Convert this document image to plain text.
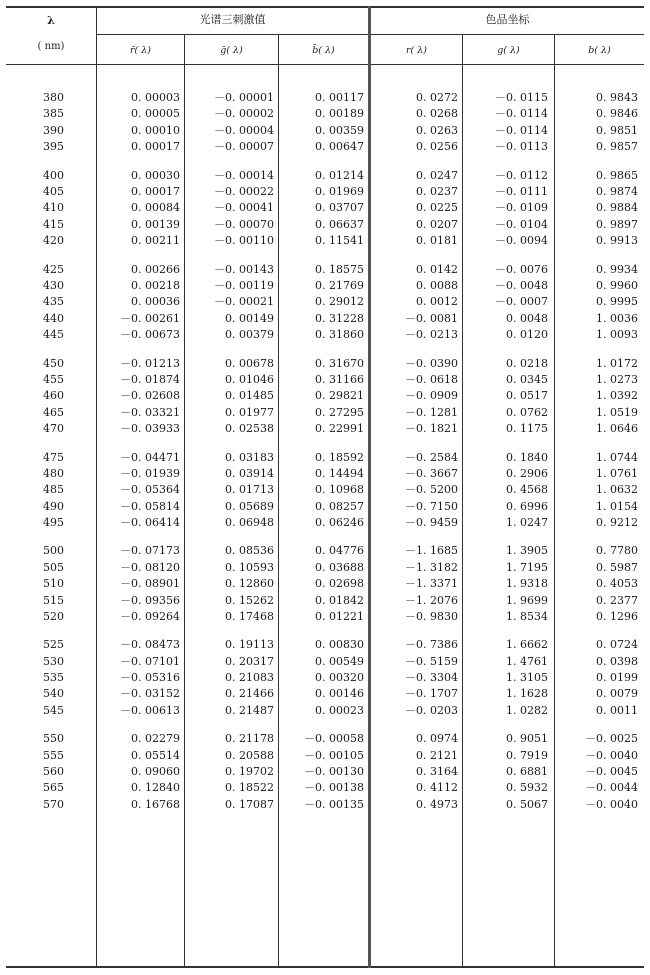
λ
( nm)
光谱三刺激值	色品坐标
r̄( λ)	ḡ( λ)	b̄( λ)	r( λ)	g( λ)	b( λ)
380	0. 00003	－0. 00001	0. 00117	0. 0272	－0. 0115	0. 9843
385	0. 00005	－0. 00002	0. 00189	0. 0268	－0. 0114	0. 9846
390	0. 00010	－0. 00004	0. 00359	0. 0263	－0. 0114	0. 9851
395	0. 00017	－0. 00007	0. 00647	0. 0256	－0. 0113	0. 9857
400	0. 00030	－0. 00014	0. 01214	0. 0247	－0. 0112	0. 9865
405	0. 00017	－0. 00022	0. 01969	0. 0237	－0. 0111	0. 9874
410	0. 00084	－0. 00041	0. 03707	0. 0225	－0. 0109	0. 9884
415	0. 00139	－0. 00070	0. 06637	0. 0207	－0. 0104	0. 9897
420	0. 00211	－0. 00110	0. 11541	0. 0181	－0. 0094	0. 9913
425	0. 00266	－0. 00143	0. 18575	0. 0142	－0. 0076	0. 9934
430	0. 00218	－0. 00119	0. 21769	0. 0088	－0. 0048	0. 9960
435	0. 00036	－0. 00021	0. 29012	0. 0012	－0. 0007	0. 9995
440	－0. 00261	0. 00149	0. 31228	－0. 0081	0. 0048	1. 0036
445	－0. 00673	0. 00379	0. 31860	－0. 0213	0. 0120	1. 0093
450	－0. 01213	0. 00678	0. 31670	－0. 0390	0. 0218	1. 0172
455	－0. 01874	0. 01046	0. 31166	－0. 0618	0. 0345	1. 0273
460	－0. 02608	0. 01485	0. 29821	－0. 0909	0. 0517	1. 0392
465	－0. 03321	0. 01977	0. 27295	－0. 1281	0. 0762	1. 0519
470	－0. 03933	0. 02538	0. 22991	－0. 1821	0. 1175	1. 0646
475	－0. 04471	0. 03183	0. 18592	－0. 2584	0. 1840	1. 0744
480	－0. 01939	0. 03914	0. 14494	－0. 3667	0. 2906	1. 0761
485	－0. 05364	0. 01713	0. 10968	－0. 5200	0. 4568	1. 0632
490	－0. 05814	0. 05689	0. 08257	－0. 7150	0. 6996	1. 0154
495	－0. 06414	0. 06948	0. 06246	－0. 9459	1. 0247	0. 9212
500	－0. 07173	0. 08536	0. 04776	－1. 1685	1. 3905	0. 7780
505	－0. 08120	0. 10593	0. 03688	－1. 3182	1. 7195	0. 5987
510	－0. 08901	0. 12860	0. 02698	－1. 3371	1. 9318	0. 4053
515	－0. 09356	0. 15262	0. 01842	－1. 2076	1. 9699	0. 2377
520	－0. 09264	0. 17468	0. 01221	－0. 9830	1. 8534	0. 1296
525	－0. 08473	0. 19113	0. 00830	－0. 7386	1. 6662	0. 0724
530	－0. 07101	0. 20317	0. 00549	－0. 5159	1. 4761	0. 0398
535	－0. 05316	0. 21083	0. 00320	－0. 3304	1. 3105	0. 0199
540	－0. 03152	0. 21466	0. 00146	－0. 1707	1. 1628	0. 0079
545	－0. 00613	0. 21487	0. 00023	－0. 0203	1. 0282	0. 0011
550	0. 02279	0. 21178	－0. 00058	0. 0974	0. 9051	－0. 0025
555	0. 05514	0. 20588	－0. 00105	0. 2121	0. 7919	－0. 0040
560	0. 09060	0. 19702	－0. 00130	0. 3164	0. 6881	－0. 0045
565	0. 12840	0. 18522	－0. 00138	0. 4112	0. 5932	－0. 0044
570	0. 16768	0. 17087	－0. 00135	0. 4973	0. 5067	－0. 0040
